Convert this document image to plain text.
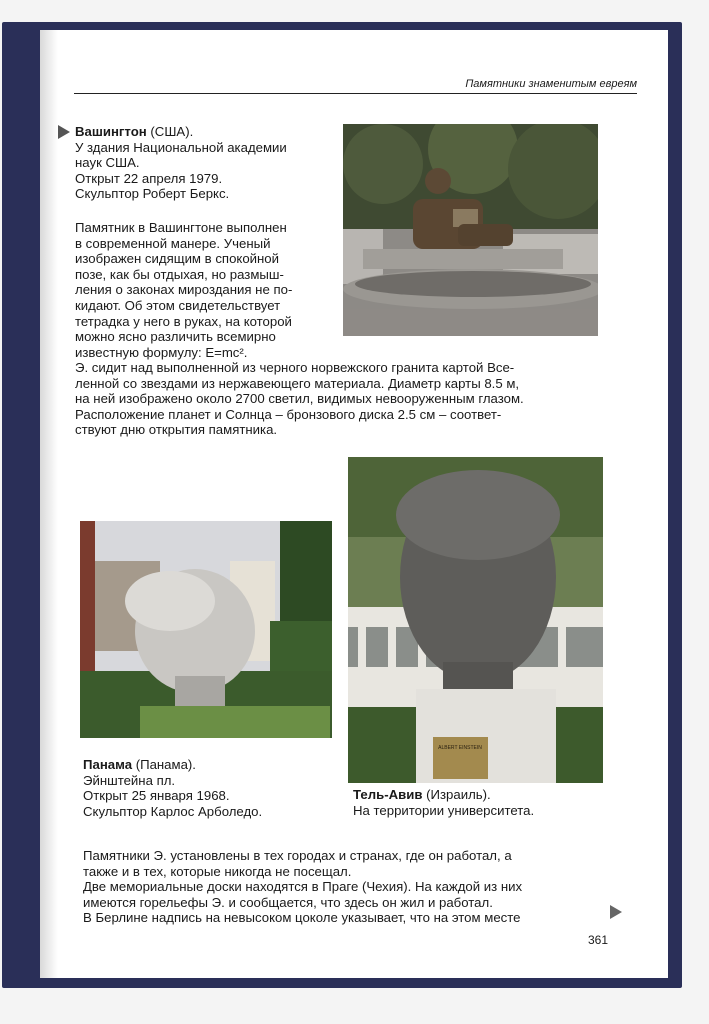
Памятники знаменитым евреям
Вашингтон (США).
У здания Национальной академии
наук США.
Открыт 22 апреля 1979.
Скульптор Роберт Беркс.
Памятник в Вашингтоне выполнен
в современной манере. Ученый
изображен сидящим в спокойной
позе, как бы отдыхая, но размыш-
ления о законах мироздания не по-
кидают. Об этом свидетельствует
тетрадка у него в руках, на которой
можно ясно различить всемирно
известную формулу: E=mc².
Э. сидит над выполненной из черного норвежского гранита картой Все-
ленной со звездами из нержавеющего материала. Диаметр карты 8.5 м,
на ней изображено около 2700 светил, видимых невооруженным глазом.
Расположение планет и Солнца – бронзового диска 2.5 см – соответ-
ствуют дню открытия памятника.
Панама (Панама).
Эйнштейна пл.
Открыт 25 января 1968.
Скульптор Карлос Арболедо.
ALBERT EINSTEIN
Тель-Авив (Израиль).
На территории университета.
Памятники Э. установлены в тех городах и странах, где он работал, а
также и в тех, которые никогда не посещал.
Две мемориальные доски находятся в Праге (Чехия). На каждой из них
имеются горельефы Э. и сообщается, что здесь он жил и работал.
В Берлине надпись на невысоком цоколе указывает, что на этом месте
361
